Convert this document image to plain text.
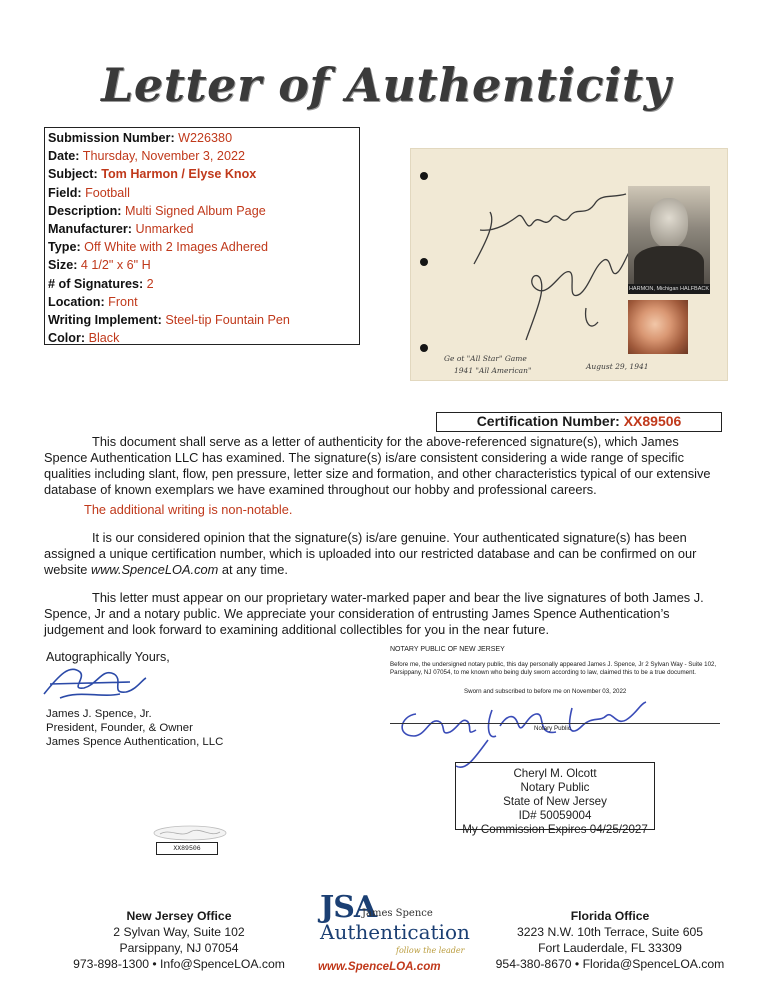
Letter of Authenticity
Submission Number: W226380
Date: Thursday, November 3, 2022
Subject: Tom Harmon / Elyse Knox
Field: Football
Description: Multi Signed Album Page
Manufacturer: Unmarked
Type: Off White with 2 Images Adhered
Size: 4 1/2" x 6" H
# of Signatures: 2
Location: Front
Writing Implement: Steel-tip Fountain Pen
Color: Black
HARMON, Michigan HALFBACK
Ge ot "All Star" Game
1941 "All American"	August 29, 1941
Certification Number: XX89506
This document shall serve as a letter of authenticity for the above-referenced signature(s), which James Spence Authentication LLC has examined. The signature(s) is/are consistent considering a wide range of specific qualities including slant, flow, pen pressure, letter size and formation, and other characteristics typical of our extensive database of known exemplars we have examined throughout our hobby and professional careers.
The additional writing is non-notable.
It is our considered opinion that the signature(s) is/are genuine. Your authenticated signature(s) has been assigned a unique certification number, which is uploaded into our restricted database and can be confirmed on our website www.SpenceLOA.com at any time.
This letter must appear on our proprietary water-marked paper and bear the live signatures of both James J. Spence, Jr and a notary public. We appreciate your consideration of entrusting James Spence Authentication’s judgement and look forward to examining additional collectibles for you in the near future.
Autographically Yours,
James J. Spence, Jr.
President, Founder, & Owner
James Spence Authentication, LLC
NOTARY PUBLIC OF NEW JERSEY
Before me, the undersigned notary public, this day personally appeared James J. Spence, Jr 2 Sylvan Way - Suite 102, Parsippany, NJ 07054, to me known who being duly sworn according to law, claimed this to be a true document.
Sworn and subscribed to before me on November 03, 2022
Notary Public
Cheryl M. Olcott
Notary Public
State of New Jersey
ID# 50059004
My Commission Expires 04/25/2027
XX89506
New Jersey Office
2 Sylvan Way, Suite 102
Parsippany, NJ 07054
973-898-1300 • Info@SpenceLOA.com
JSA
James Spence
Authentication
follow the leader
www.SpenceLOA.com
Florida Office
3223 N.W. 10th Terrace, Suite 605
Fort Lauderdale, FL 33309
954-380-8670 • Florida@SpenceLOA.com
